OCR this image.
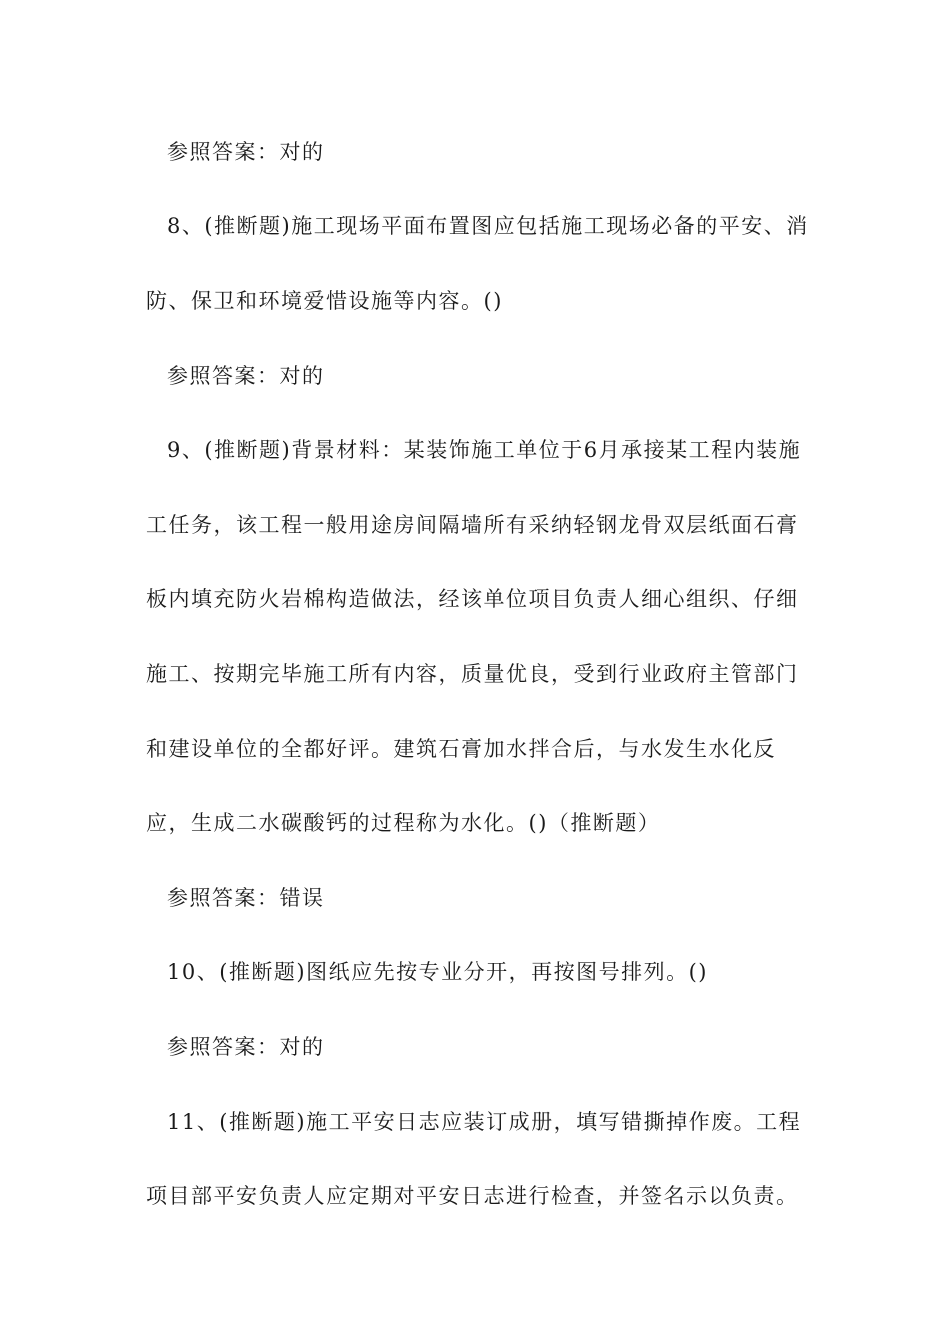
参照答案：对的
8、(推断题)施工现场平面布置图应包括施工现场必备的平安、消
防、保卫和环境爱惜设施等内容。()
参照答案：对的
9、(推断题)背景材料：某装饰施工单位于6月承接某工程内装施
工任务，该工程一般用途房间隔墙所有采纳轻钢龙骨双层纸面石膏
板内填充防火岩棉构造做法，经该单位项目负责人细心组织、仔细
施工、按期完毕施工所有内容，质量优良，受到行业政府主管部门
和建设单位的全都好评。建筑石膏加水拌合后，与水发生水化反
应，生成二水碳酸钙的过程称为水化。()（推断题）
参照答案：错误
10、(推断题)图纸应先按专业分开，再按图号排列。()
参照答案：对的
11、(推断题)施工平安日志应装订成册，填写错撕掉作废。工程
项目部平安负责人应定期对平安日志进行检查，并签名示以负责。
